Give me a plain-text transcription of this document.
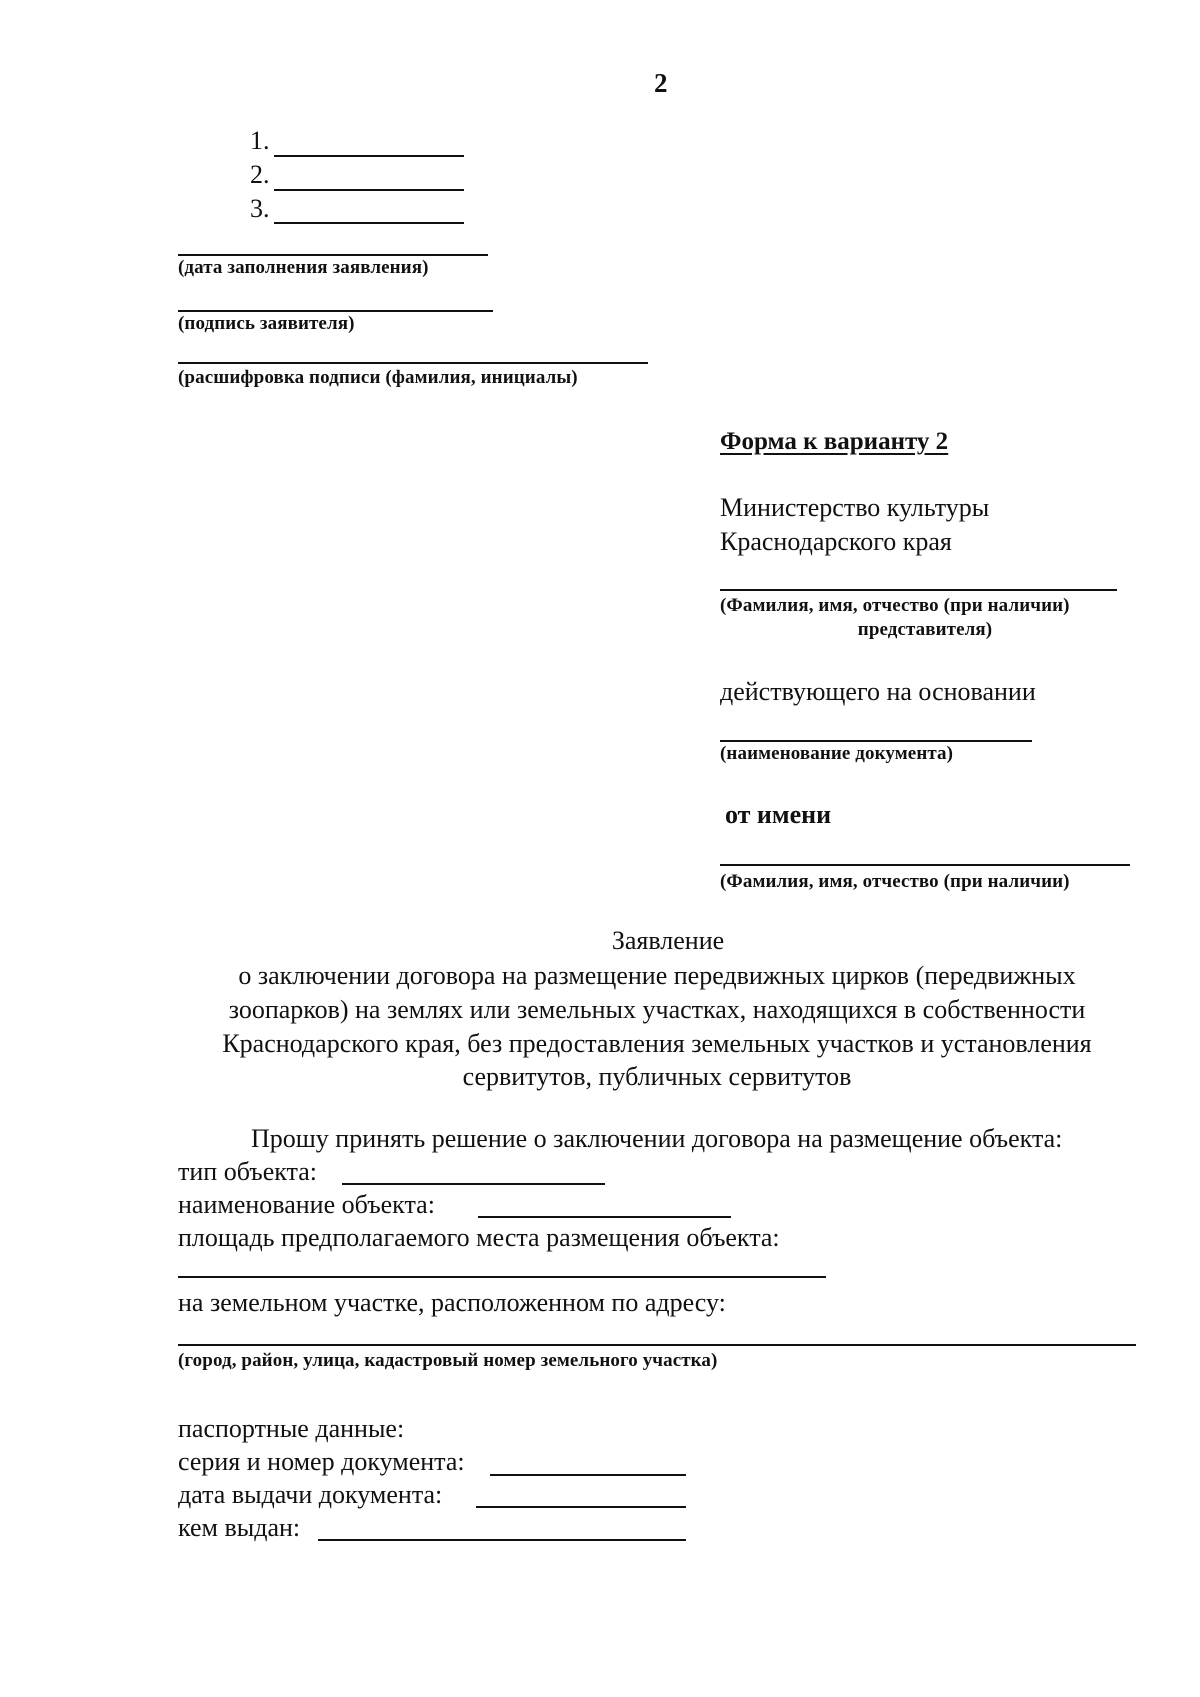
2
1.
2.
3.
(дата заполнения заявления)
(подпись заявителя)
(расшифровка подписи (фамилия, инициалы)
Форма к варианту 2
Министерство культуры
Краснодарского края
(Фамилия, имя, отчество (при наличии)
представителя)
действующего на основании
(наименование документа)
от имени
(Фамилия, имя, отчество (при наличии)
Заявление
о заключении договора на размещение передвижных цирков (передвижных
зоопарков) на землях или земельных участках, находящихся в собственности
Краснодарского края, без предоставления земельных участков и установления
сервитутов, публичных сервитутов
Прошу принять решение о заключении договора на размещение объекта:
тип объекта:
наименование объекта:
площадь предполагаемого места размещения объекта:
на земельном участке, расположенном по адресу:
(город, район, улица, кадастровый номер земельного участка)
паспортные данные:
серия и номер документа:
дата выдачи документа:
кем выдан:
